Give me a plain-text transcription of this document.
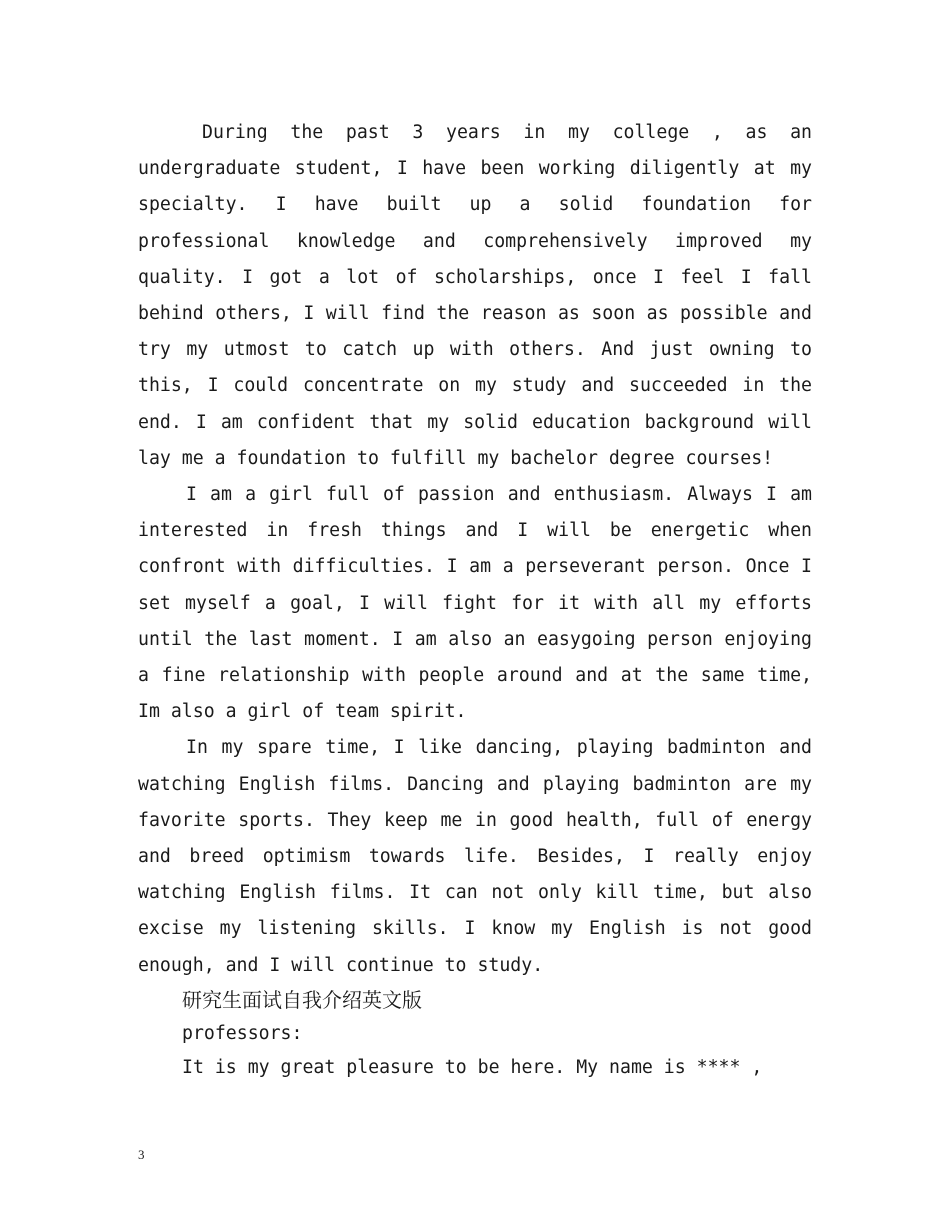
During the past 3 years in my college , as an undergraduate student, I have been working diligently at my specialty. I have built up a solid foundation for professional knowledge and comprehensively improved my quality. I got a lot of scholarships, once I feel I fall behind others, I will find the reason as soon as possible and try my utmost to catch up with others. And just owning to this, I could concentrate on my study and succeeded in the end. I am confident that my solid education background will lay me a foundation to fulfill my bachelor degree courses!

I am a girl full of passion and enthusiasm. Always I am interested in fresh things and I will be energetic when confront with difficulties. I am a perseverant person. Once I set myself a goal, I will fight for it with all my efforts until the last moment. I am also an easygoing person enjoying a fine relationship with people around and at the same time, Im also a girl of team spirit.

In my spare time, I like dancing, playing badminton and watching English films. Dancing and playing badminton are my favorite sports. They keep me in good health, full of energy and breed optimism towards life. Besides, I really enjoy watching English films. It can not only kill time, but also excise my listening skills. I know my English is not good enough, and I will continue to study.

研究生面试自我介绍英文版

professors:

It is my great pleasure to be here. My name is **** ,

3
